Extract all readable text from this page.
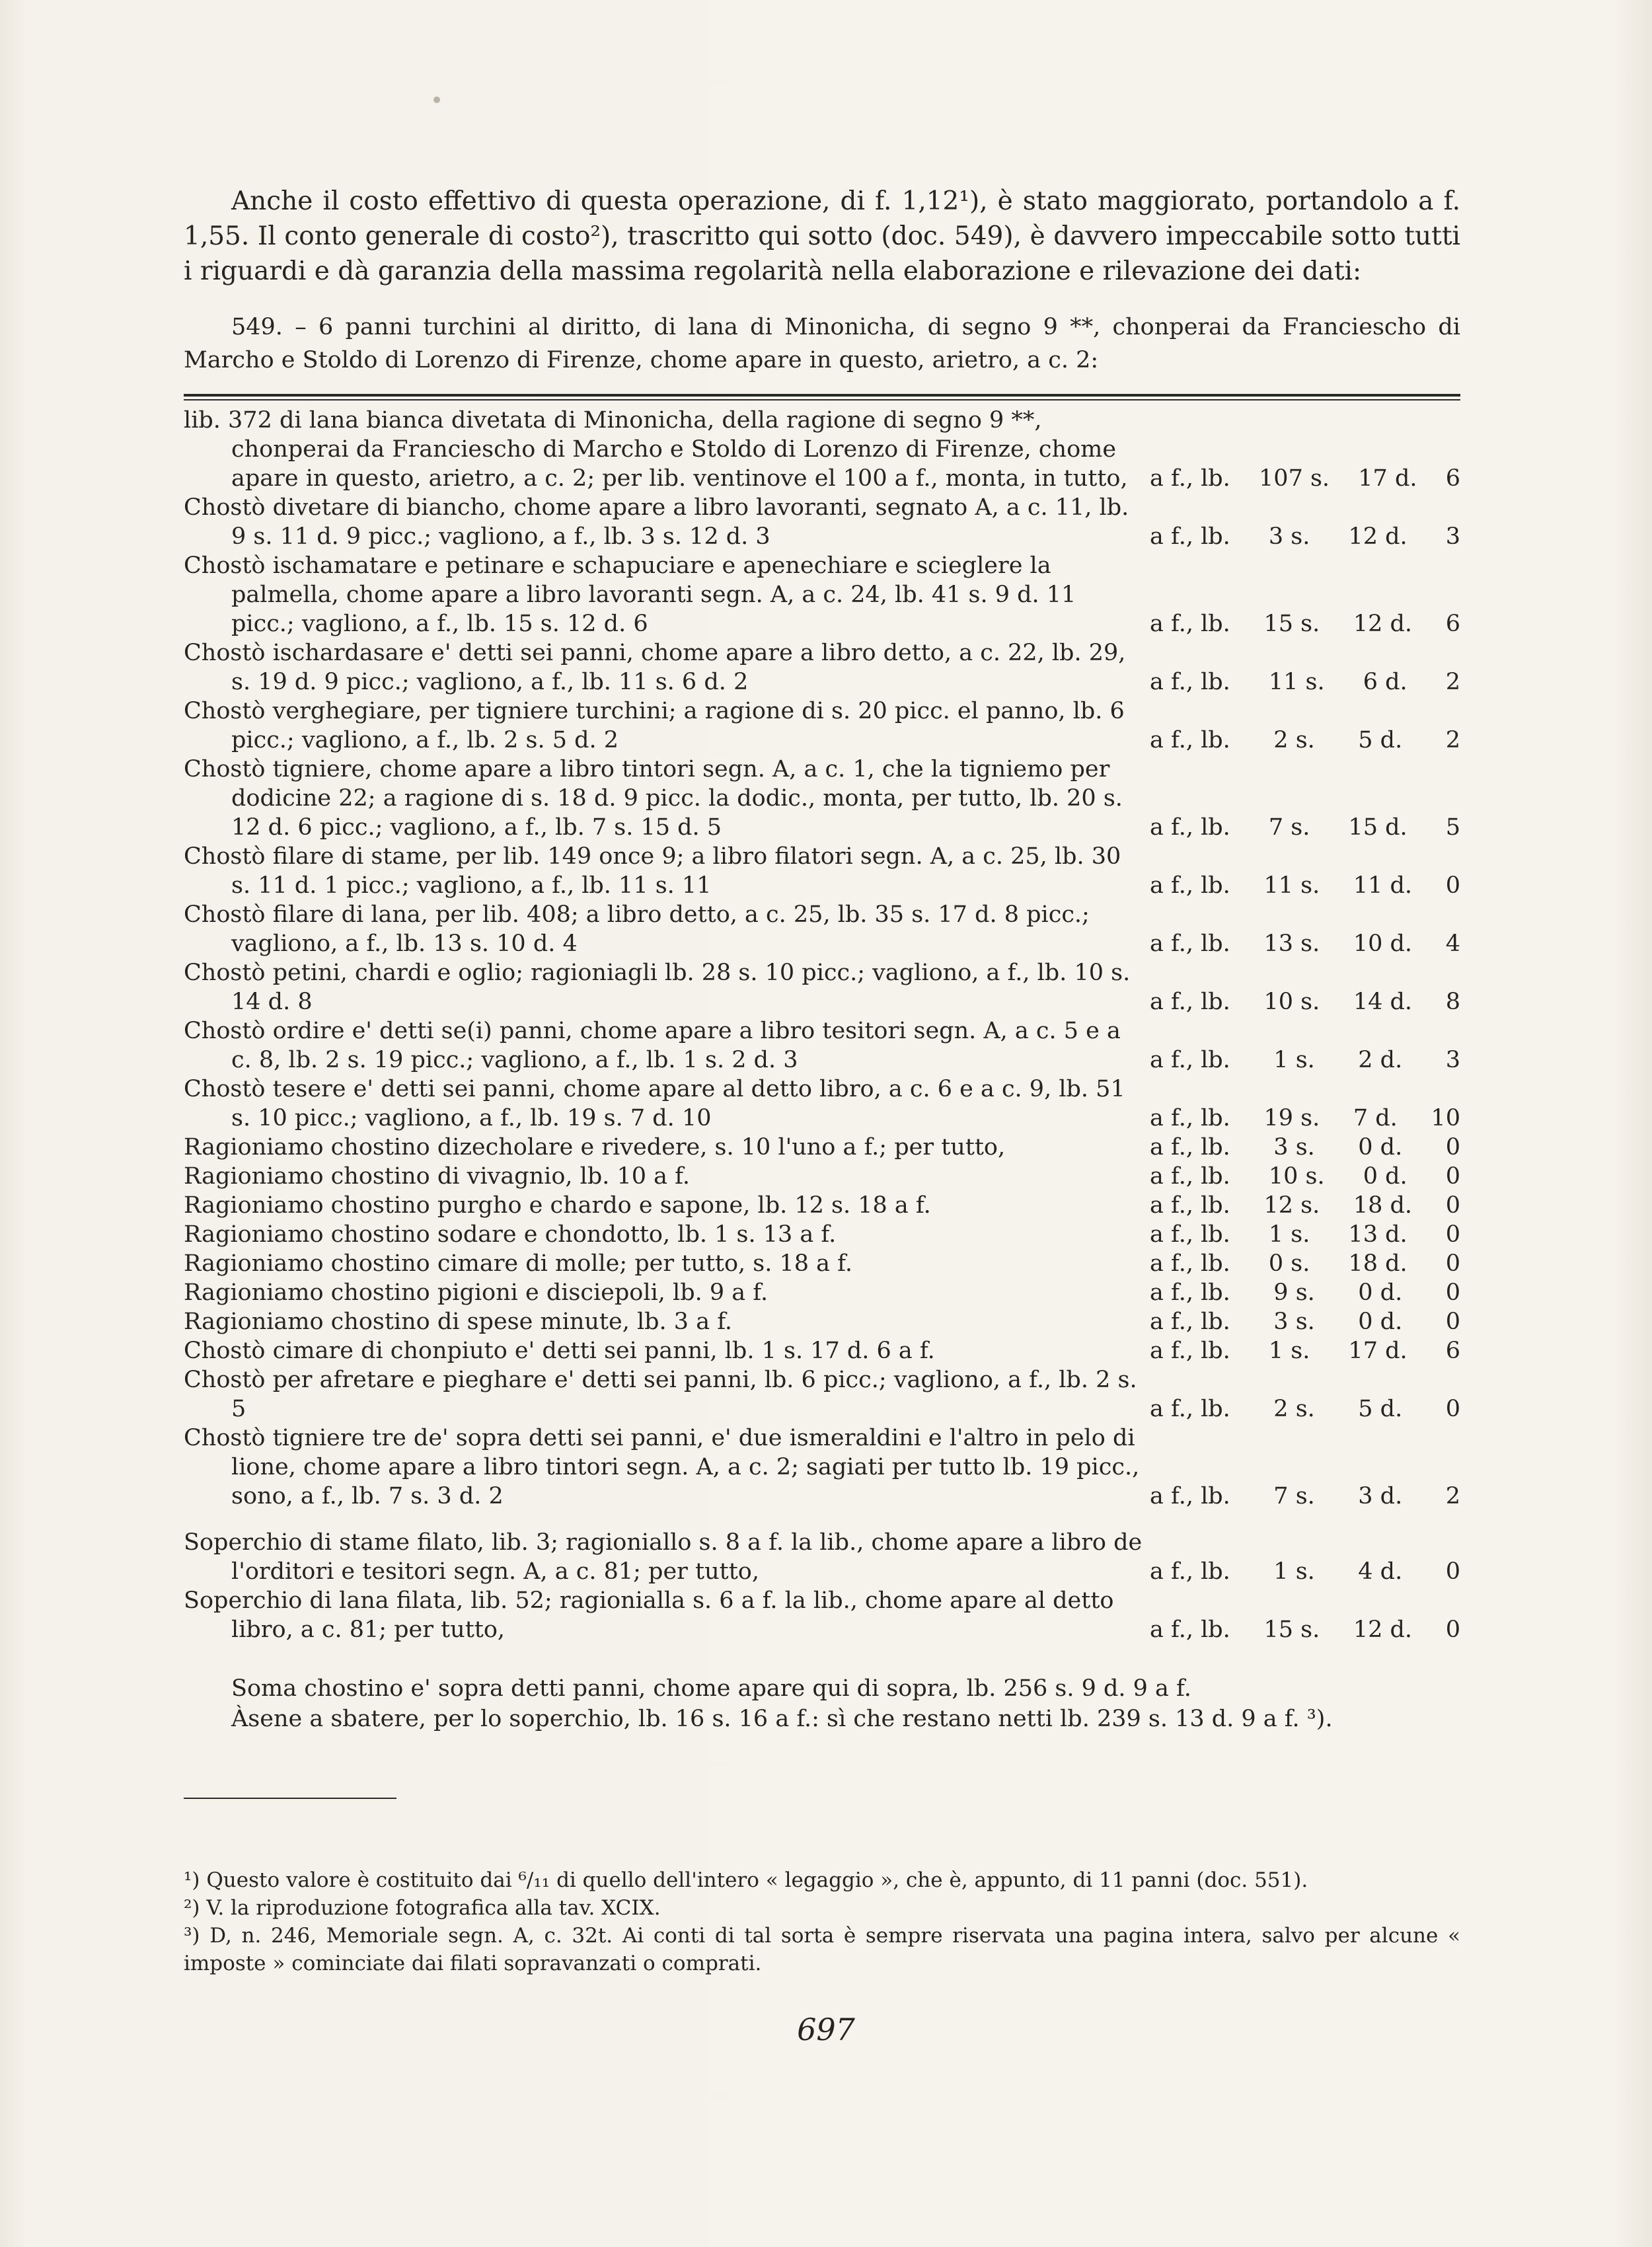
Anche il costo effettivo di questa operazione, di f. 1,12¹), è stato maggiorato, portandolo a f. 1,55. Il conto generale di costo²), trascritto qui sotto (doc. 549), è davvero impeccabile sotto tutti i riguardi e dà garanzia della massima regolarità nella elaborazione e rilevazione dei dati:

549. – 6 panni turchini al diritto, di lana di Minonicha, di segno 9 **, chonperai da Franciescho di Marcho e Stoldo di Lorenzo di Firenze, chome apare in questo, arietro, a c. 2:

lib. 372 di lana bianca divetata di Minonicha, della ragione di segno 9 **, chonperai da Franciescho di Marcho e Stoldo di Lorenzo di Firenze, chome apare in questo, arietro, a c. 2; per lib. ventinove el 100 a f., monta, in tutto, a f., lb. 107 s. 17 d. 6
Chostò divetare di biancho, chome apare a libro lavoranti, segnato A, a c. 11, lb. 9 s. 11 d. 9 picc.; vagliono, a f., lb. 3 s. 12 d. 3	a f., lb. 3 s. 12 d. 3
Chostò ischamatare e petinare e schapuciare e apenechiare e scieglere la palmella, chome apare a libro lavoranti segn. A, a c. 24, lb. 41 s. 9 d. 11 picc.; vagliono, a f., lb. 15 s. 12 d. 6	a f., lb. 15 s. 12 d. 6
Chostò ischardasare e' detti sei panni, chome apare a libro detto, a c. 22, lb. 29, s. 19 d. 9 picc.; vagliono, a f., lb. 11 s. 6 d. 2	a f., lb. 11 s. 6 d. 2
Chostò verghegiare, per tigniere turchini; a ragione di s. 20 picc. el panno, lb. 6 picc.; vagliono, a f., lb. 2 s. 5 d. 2	a f., lb. 2 s. 5 d. 2
Chostò tigniere, chome apare a libro tintori segn. A, a c. 1, che la tigniemo per dodicine 22; a ragione di s. 18 d. 9 picc. la dodic., monta, per tutto, lb. 20 s. 12 d. 6 picc.; vagliono, a f., lb. 7 s. 15 d. 5	a f., lb. 7 s. 15 d. 5
Chostò filare di stame, per lib. 149 once 9; a libro filatori segn. A, a c. 25, lb. 30 s. 11 d. 1 picc.; vagliono, a f., lb. 11 s. 11	a f., lb. 11 s. 11 d. 0
Chostò filare di lana, per lib. 408; a libro detto, a c. 25, lb. 35 s. 17 d. 8 picc.; vagliono, a f., lb. 13 s. 10 d. 4	a f., lb. 13 s. 10 d. 4
Chostò petini, chardi e oglio; ragioniagli lb. 28 s. 10 picc.; vagliono, a f., lb. 10 s. 14 d. 8	a f., lb. 10 s. 14 d. 8
Chostò ordire e' detti se(i) panni, chome apare a libro tesitori segn. A, a c. 5 e a c. 8, lb. 2 s. 19 picc.; vagliono, a f., lb. 1 s. 2 d. 3	a f., lb. 1 s. 2 d. 3
Chostò tesere e' detti sei panni, chome apare al detto libro, a c. 6 e a c. 9, lb. 51 s. 10 picc.; vagliono, a f., lb. 19 s. 7 d. 10	a f., lb. 19 s. 7 d. 10
Ragioniamo chostino dizecholare e rivedere, s. 10 l'uno a f.; per tutto,	a f., lb. 3 s. 0 d. 0
Ragioniamo chostino di vivagnio, lb. 10 a f.	a f., lb. 10 s. 0 d. 0
Ragioniamo chostino purgho e chardo e sapone, lb. 12 s. 18 a f.	a f., lb. 12 s. 18 d. 0
Ragioniamo chostino sodare e chondotto, lb. 1 s. 13 a f.	a f., lb. 1 s. 13 d. 0
Ragioniamo chostino cimare di molle; per tutto, s. 18 a f.	a f., lb. 0 s. 18 d. 0
Ragioniamo chostino pigioni e disciepoli, lb. 9 a f.	a f., lb. 9 s. 0 d. 0
Ragioniamo chostino di spese minute, lb. 3 a f.	a f., lb. 3 s. 0 d. 0
Chostò cimare di chonpiuto e' detti sei panni, lb. 1 s. 17 d. 6 a f.	a f., lb. 1 s. 17 d. 6
Chostò per afretare e pieghare e' detti sei panni, lb. 6 picc.; vagliono, a f., lb. 2 s. 5	a f., lb. 2 s. 5 d. 0
Chostò tigniere tre de' sopra detti sei panni, e' due ismeraldini e l'altro in pelo di lione, chome apare a libro tintori segn. A, a c. 2; sagiati per tutto lb. 19 picc., sono, a f., lb. 7 s. 3 d. 2	a f., lb. 7 s. 3 d. 2
Soperchio di stame filato, lib. 3; ragioniallo s. 8 a f. la lib., chome apare a libro de l'orditori e tesitori segn. A, a c. 81; per tutto,	a f., lb. 1 s. 4 d. 0
Soperchio di lana filata, lib. 52; ragionialla s. 6 a f. la lib., chome apare al detto libro, a c. 81; per tutto,	a f., lb. 15 s. 12 d. 0

Soma chostino e' sopra detti panni, chome apare qui di sopra, lb. 256 s. 9 d. 9 a f.

Àsene a sbatere, per lo soperchio, lb. 16 s. 16 a f.: sì che restano netti lb. 239 s. 13 d. 9 a f. ³).

¹) Questo valore è costituito dai ⁶/₁₁ di quello dell'intero « legaggio », che è, appunto, di 11 panni (doc. 551).

²) V. la riproduzione fotografica alla tav. XCIX.

³) D, n. 246, Memoriale segn. A, c. 32t. Ai conti di tal sorta è sempre riservata una pagina intera, salvo per alcune « imposte » cominciate dai filati sopravanzati o comprati.

697
